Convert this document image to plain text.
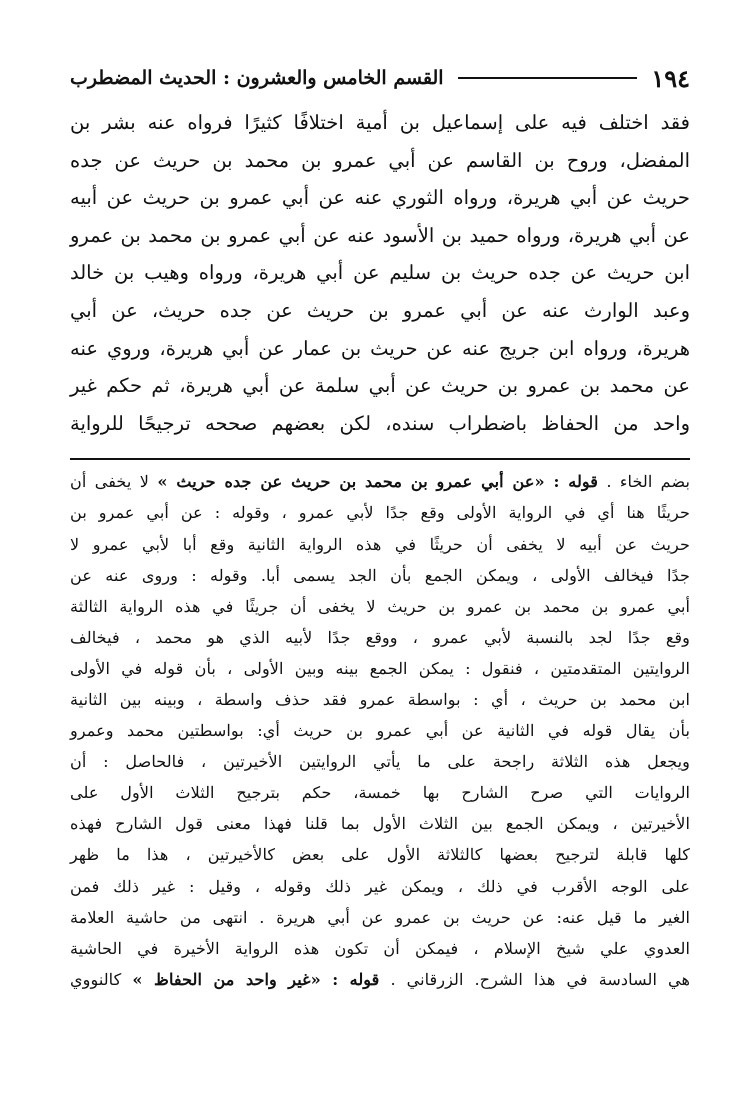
١٩٤
القسم الخامس والعشرون : الحديث المضطرب
فقد اختلف فيه على إسماعيل بن أمية اختلافًا كثيرًا فرواه عنه بشر بن
المفضل، وروح بن القاسم عن أبي عمرو بن محمد بن حريث عن جده
حريث عن أبي هريرة، ورواه الثوري عنه عن أبي عمرو بن حريث عن أبيه
عن أبي هريرة، ورواه حميد بن الأسود عنه عن أبي عمرو بن محمد بن عمرو
ابن حريث عن جده حريث بن سليم عن أبي هريرة، ورواه وهيب بن خالد
وعبد الوارث عنه عن أبي عمرو بن حريث عن جده حريث، عن أبي
هريرة، ورواه ابن جريج عنه عن حريث بن عمار عن أبي هريرة، وروي عنه
عن محمد بن عمرو بن حريث عن أبي سلمة عن أبي هريرة، ثم حكم غير
واحد من الحفاظ باضطراب سنده، لكن بعضهم صححه ترجيحًا للرواية
بضم الخاء . قوله : «عن أبي عمرو بن محمد بن حريث عن جده حريث » لا يخفى أن
حريثًا هنا أي في الرواية الأولى وقع جدًا لأبي عمرو ، وقوله : عن أبي عمرو بن
حريث عن أبيه لا يخفى أن حريثًا في هذه الرواية الثانية وقع أبا لأبي عمرو لا
جدًا فيخالف الأولى ، ويمكن الجمع بأن الجد يسمى أبا. وقوله : وروى عنه عن
أبي عمرو بن محمد بن عمرو بن حريث لا يخفى أن جريثًا في هذه الرواية الثالثة
وقع جدًا لجد بالنسبة لأبي عمرو ، ووقع جدًا لأبيه الذي هو محمد ، فيخالف
الروايتين المتقدمتين ، فنقول : يمكن الجمع بينه وبين الأولى ، بأن قوله في الأولى
ابن محمد بن حريث ، أي : بواسطة عمرو فقد حذف واسطة ، وبينه بين الثانية
بأن يقال قوله في الثانية عن أبي عمرو بن حريث أي: بواسطتين محمد وعمرو
ويجعل هذه الثلاثة راجحة على ما يأتي الروايتين الأخيرتين ، فالحاصل : أن
الروايات التي صرح الشارح بها خمسة، حكم بترجيح الثلاث الأول على
الأخيرتين ، ويمكن الجمع بين الثلاث الأول بما قلنا فهذا معنى قول الشارح فهذه
كلها قابلة لترجيح بعضها كالثلاثة الأول على بعض كالأخيرتين ، هذا ما ظهر
على الوجه الأقرب في ذلك ، ويمكن غير ذلك وقوله ، وقيل : غير ذلك فمن
الغير ما قيل عنه: عن حريث بن عمرو عن أبي هريرة . انتهى من حاشية العلامة
العدوي علي شيخ الإسلام ، فيمكن أن تكون هذه الرواية الأخيرة في الحاشية
هي السادسة في هذا الشرح. الزرقاني . قوله : «غير واحد من الحفاظ » كالنووي
